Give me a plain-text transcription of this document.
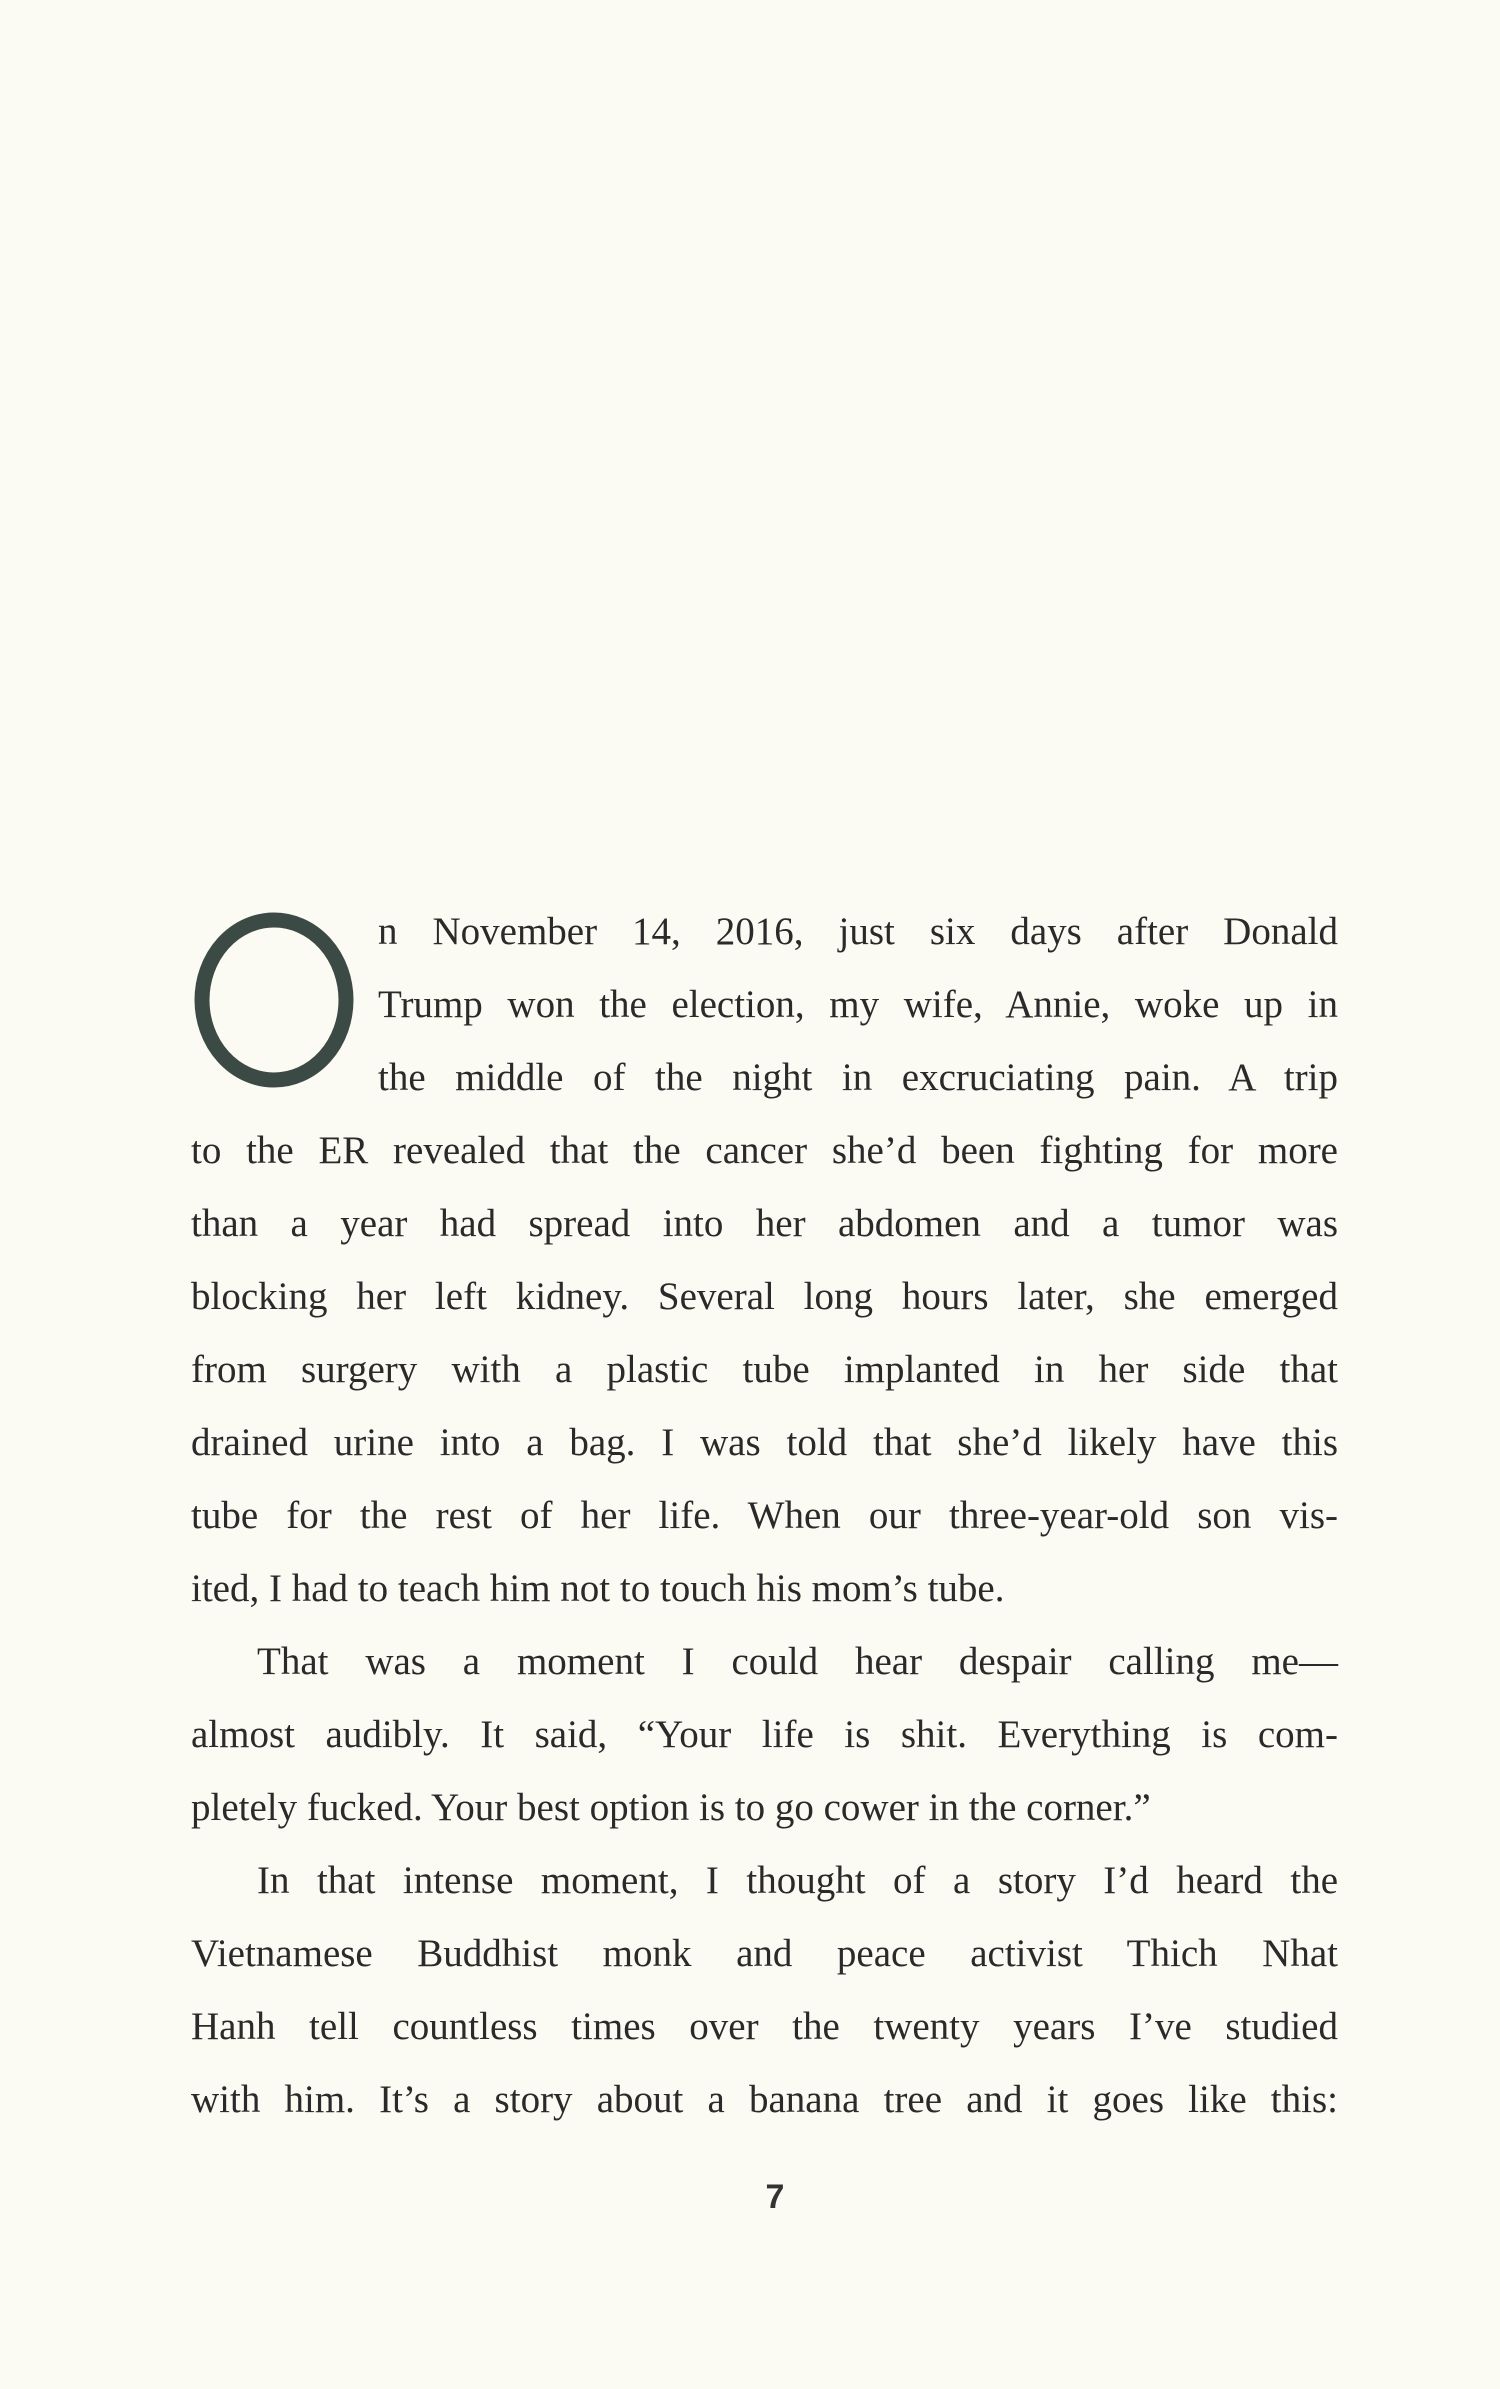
O
n November 14, 2016, just six days after Donald
Trump won the election, my wife, Annie, woke up in
the middle of the night in excruciating pain. A trip
to the ER revealed that the cancer she’d been fighting for more
than a year had spread into her abdomen and a tumor was
blocking her left kidney. Several long hours later, she emerged
from surgery with a plastic tube implanted in her side that
drained urine into a bag. I was told that she’d likely have this
tube for the rest of her life. When our three-year-old son vis-
ited, I had to teach him not to touch his mom’s tube.
That was a moment I could hear despair calling me—
almost audibly. It said, “Your life is shit. Everything is com-
pletely fucked. Your best option is to go cower in the corner.”
In that intense moment, I thought of a story I’d heard the
Vietnamese Buddhist monk and peace activist Thich Nhat
Hanh tell countless times over the twenty years I’ve studied
with him. It’s a story about a banana tree and it goes like this:
7
